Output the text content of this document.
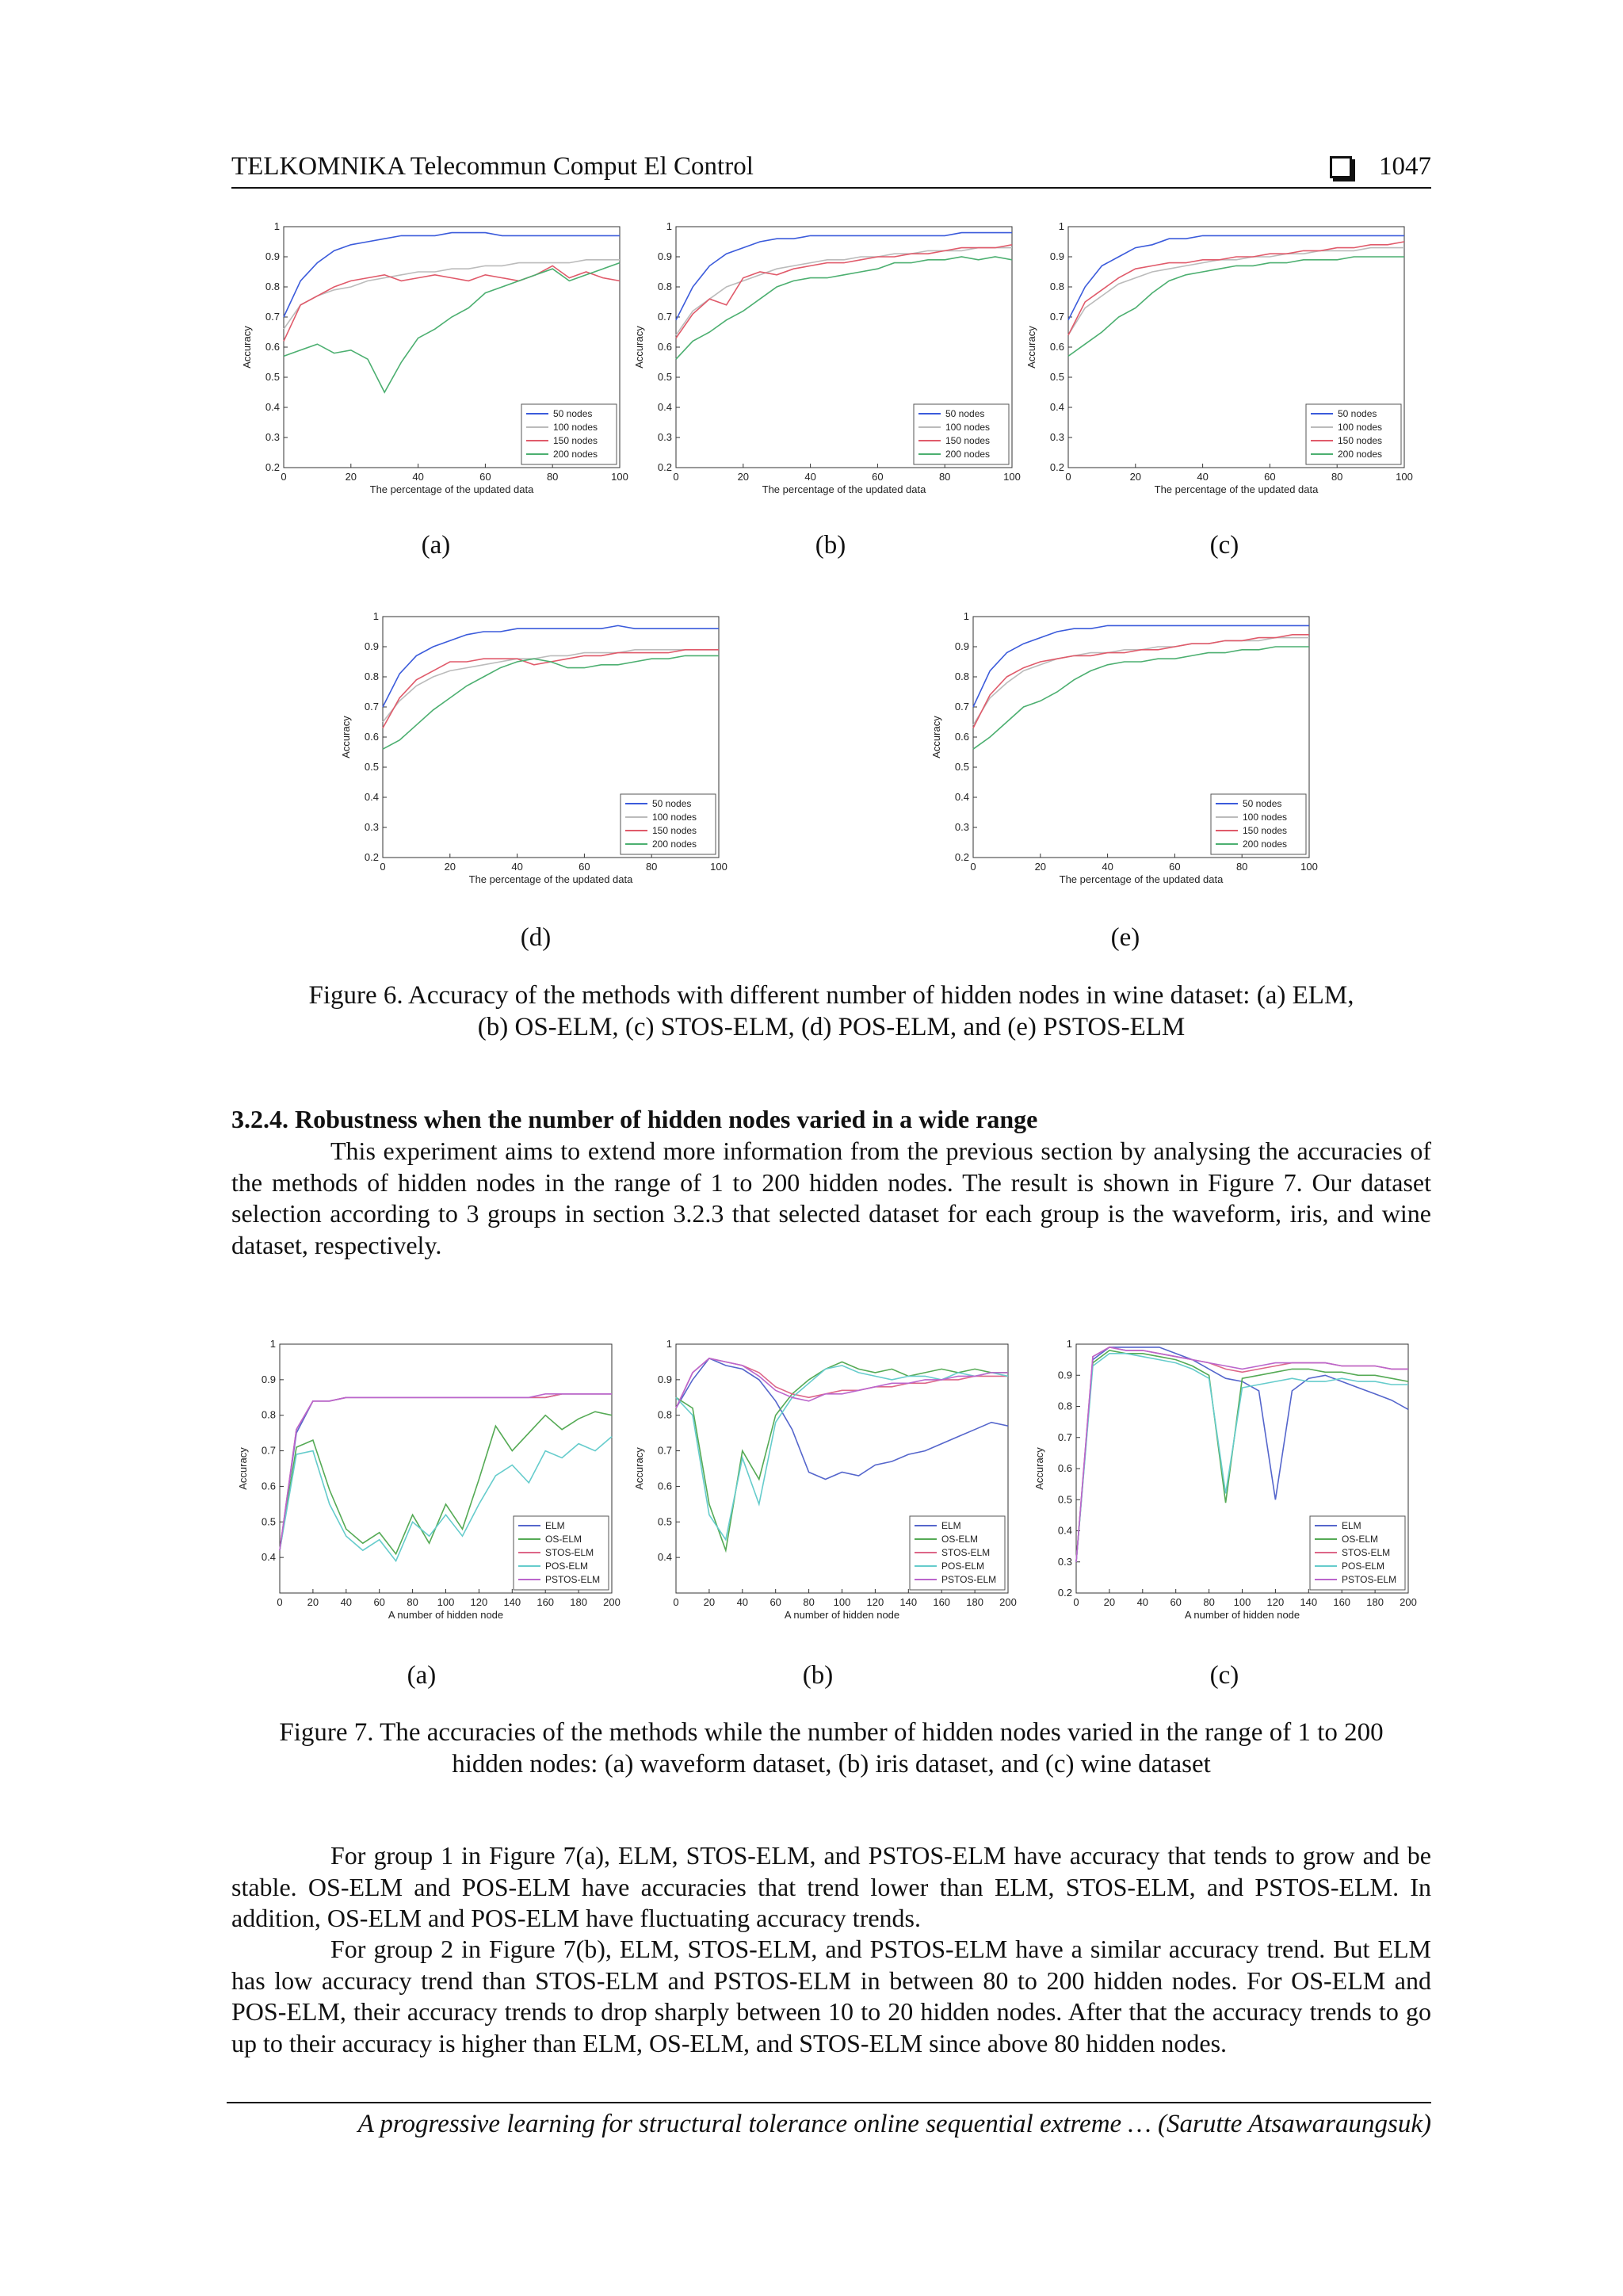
TELKOMNIKA Telecommun Comput El Control	1047
0.2
0.3
0.4
0.5
0.6
0.7
0.8
0.9
1
0	20	40	60	80	100
The percentage of the updated data
Accuracy
50 nodes
100 nodes
150 nodes
200 nodes
0.2
0.3
0.4
0.5
0.6
0.7
0.8
0.9
1
0	20	40	60	80	100
The percentage of the updated data
Accuracy
50 nodes
100 nodes
150 nodes
200 nodes
0.2
0.3
0.4
0.5
0.6
0.7
0.8
0.9
1
0	20	40	60	80	100
The percentage of the updated data
Accuracy
50 nodes
100 nodes
150 nodes
200 nodes
(a)	(b)	(c)
0.2
0.3
0.4
0.5
0.6
0.7
0.8
0.9
1
0	20	40	60	80	100
The percentage of the updated data
Accuracy
50 nodes
100 nodes
150 nodes
200 nodes
0.2
0.3
0.4
0.5
0.6
0.7
0.8
0.9
1
0	20	40	60	80	100
The percentage of the updated data
Accuracy
50 nodes
100 nodes
150 nodes
200 nodes
(d)	(e)
Figure 6. Accuracy of the methods with different number of hidden nodes in wine dataset: (a) ELM,
(b) OS-ELM, (c) STOS-ELM, (d) POS-ELM, and (e) PSTOS-ELM
3.2.4. Robustness when the number of hidden nodes varied in a wide range
This experiment aims to extend more information from the previous section by analysing the accuracies of the methods of hidden nodes in the range of 1 to 200 hidden nodes. The result is shown in Figure 7. Our dataset selection according to 3 groups in section 3.2.3 that selected dataset for each group is the waveform, iris, and wine dataset, respectively.
0.4
0.5
0.6
0.7
0.8
0.9
1
0 20 40 60 80 100 120 140 160 180 200
A number of hidden node
Accuracy
ELM
OS-ELM
STOS-ELM
POS-ELM
PSTOS-ELM
0.4
0.5
0.6
0.7
0.8
0.9
1
0 20 40 60 80 100 120 140 160 180 200
A number of hidden node
Accuracy
ELM
OS-ELM
STOS-ELM
POS-ELM
PSTOS-ELM
0.2
0.3
0.4
0.5
0.6
0.7
0.8
0.9
1
0 20 40 60 80 100 120 140 160 180 200
A number of hidden node
Accuracy
ELM
OS-ELM
STOS-ELM
POS-ELM
PSTOS-ELM
(a)	(b)	(c)
Figure 7. The accuracies of the methods while the number of hidden nodes varied in the range of 1 to 200
hidden nodes: (a) waveform dataset, (b) iris dataset, and (c) wine dataset
For group 1 in Figure 7(a), ELM, STOS-ELM, and PSTOS-ELM have accuracy that tends to grow and be stable. OS-ELM and POS-ELM have accuracies that trend lower than ELM, STOS-ELM, and PSTOS-ELM. In addition, OS-ELM and POS-ELM have fluctuating accuracy trends.
For group 2 in Figure 7(b), ELM, STOS-ELM, and PSTOS-ELM have a similar accuracy trend. But ELM has low accuracy trend than STOS-ELM and PSTOS-ELM in between 80 to 200 hidden nodes. For OS-ELM and POS-ELM, their accuracy trends to drop sharply between 10 to 20 hidden nodes. After that the accuracy trends to go up to their accuracy is higher than ELM, OS-ELM, and STOS-ELM since above 80 hidden nodes.
A progressive learning for structural tolerance online sequential extreme … (Sarutte Atsawaraungsuk)
